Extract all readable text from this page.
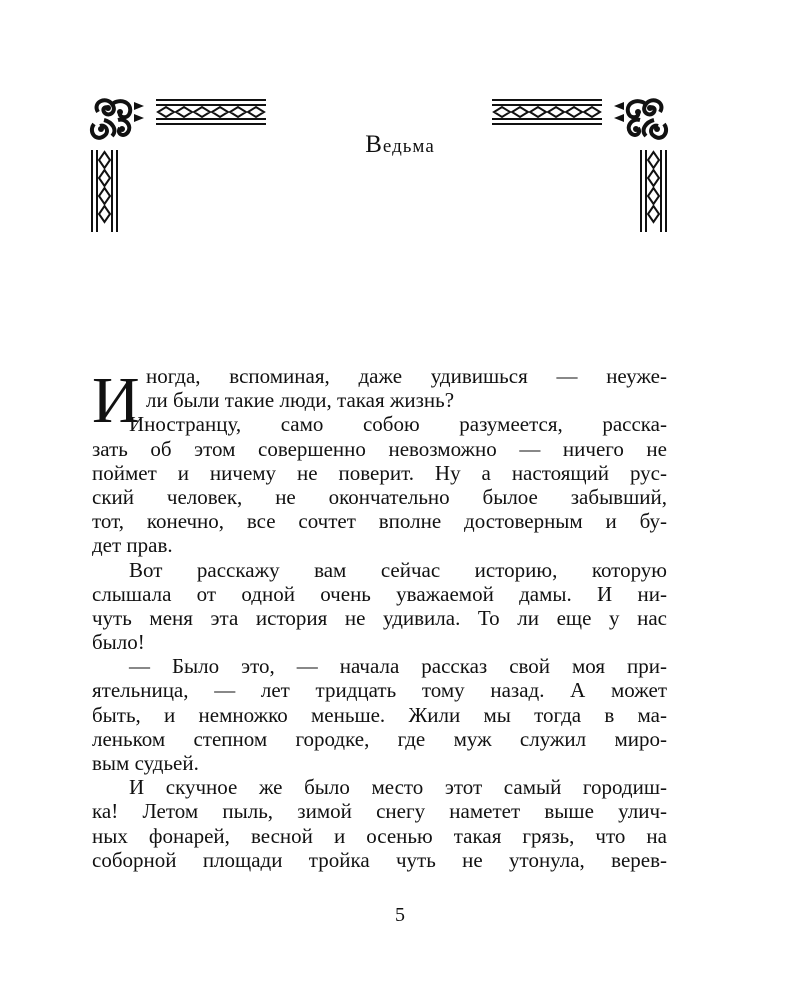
Ведьма
И ногда, вспоминая, даже удивишься — неуже-
ли были такие люди, такая жизнь?
Иностранцу, само собою разумеется, расска-
зать об этом совершенно невозможно — ничего не
поймет и ничему не поверит. Ну а настоящий рус-
ский человек, не окончательно былое забывший,
тот, конечно, все сочтет вполне достоверным и бу-
дет прав.
Вот расскажу вам сейчас историю, которую
слышала от одной очень уважаемой дамы. И ни-
чуть меня эта история не удивила. То ли еще у нас
было!
— Было это, — начала рассказ свой моя при-
ятельница, — лет тридцать тому назад. А может
быть, и немножко меньше. Жили мы тогда в ма-
леньком степном городке, где муж служил миро-
вым судьей.
И скучное же было место этот самый городиш-
ка! Летом пыль, зимой снегу наметет выше улич-
ных фонарей, весной и осенью такая грязь, что на
соборной площади тройка чуть не утонула, верев-
5
